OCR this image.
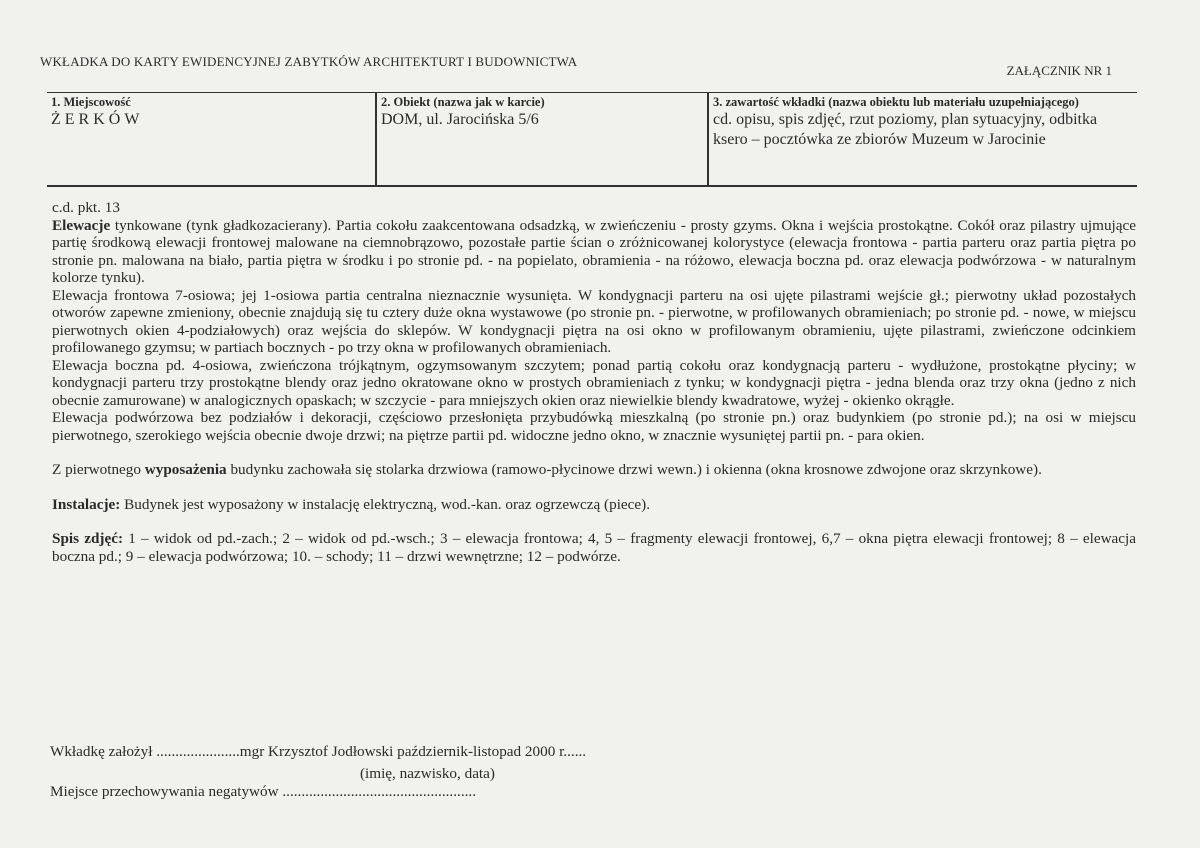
WKŁADKA DO KARTY EWIDENCYJNEJ ZABYTKÓW ARCHITEKTURT I BUDOWNICTWA
ZAŁĄCZNIK NR 1
1. Miejscowość
ŻERKÓW
2. Obiekt (nazwa jak w karcie)
DOM, ul. Jarocińska 5/6
3. zawartość wkładki (nazwa obiektu lub materiału uzupełniającego)
cd. opisu, spis zdjęć, rzut poziomy, plan sytuacyjny, odbitka ksero – pocztówka ze zbiorów Muzeum w Jarocinie

c.d. pkt. 13

Elewacje tynkowane (tynk gładkozacierany). Partia cokołu zaakcentowana odsadzką, w zwieńczeniu - prosty gzyms. Okna i wejścia prostokątne. Cokół oraz pilastry ujmujące partię środkową elewacji frontowej malowane na ciemnobrązowo, pozostałe partie ścian o zróżnicowanej kolorystyce (elewacja frontowa - partia parteru oraz partia piętra po stronie pn. malowana na biało, partia piętra w środku i po stronie pd. - na popielato, obramienia - na różowo, elewacja boczna pd. oraz elewacja podwórzowa - w naturalnym kolorze tynku).

Elewacja frontowa 7-osiowa; jej 1-osiowa partia centralna nieznacznie wysunięta. W kondygnacji parteru na osi ujęte pilastrami wejście gł.; pierwotny układ pozostałych otworów zapewne zmieniony, obecnie znajdują się tu cztery duże okna wystawowe (po stronie pn. - pierwotne, w profilowanych obramieniach; po stronie pd. - nowe, w miejscu pierwotnych okien 4-podziałowych) oraz wejścia do sklepów. W kondygnacji piętra na osi okno w profilowanym obramieniu, ujęte pilastrami, zwieńczone odcinkiem profilowanego gzymsu; w partiach bocznych - po trzy okna w profilowanych obramieniach.

Elewacja boczna pd. 4-osiowa, zwieńczona trójkątnym, ogzymsowanym szczytem; ponad partią cokołu oraz kondygnacją parteru - wydłużone, prostokątne płyciny; w kondygnacji parteru trzy prostokątne blendy oraz jedno okratowane okno w prostych obramieniach z tynku; w kondygnacji piętra - jedna blenda oraz trzy okna (jedno z nich obecnie zamurowane) w analogicznych opaskach; w szczycie - para mniejszych okien oraz niewielkie blendy kwadratowe, wyżej - okienko okrągłe.

Elewacja podwórzowa bez podziałów i dekoracji, częściowo przesłonięta przybudówką mieszkalną (po stronie pn.) oraz budynkiem (po stronie pd.); na osi w miejscu pierwotnego, szerokiego wejścia obecnie dwoje drzwi; na piętrze partii pd. widoczne jedno okno, w znacznie wysuniętej partii pn. - para okien.

Z pierwotnego wyposażenia budynku zachowała się stolarka drzwiowa (ramowo-płycinowe drzwi wewn.) i okienna (okna krosnowe zdwojone oraz skrzynkowe).

Instalacje: Budynek jest wyposażony w instalację elektryczną, wod.-kan. oraz ogrzewczą (piece).

Spis zdjęć: 1 – widok od pd.-zach.; 2 – widok od pd.-wsch.; 3 – elewacja frontowa; 4, 5 – fragmenty elewacji frontowej, 6,7 – okna piętra elewacji frontowej; 8 – elewacja boczna pd.; 9 – elewacja podwórzowa; 10. – schody; 11 – drzwi wewnętrzne; 12 – podwórze.

Wkładkę założył ......................mgr Krzysztof Jodłowski październik-listopad 2000 r......
(imię, nazwisko, data)
Miejsce przechowywania negatywów ...................................................
